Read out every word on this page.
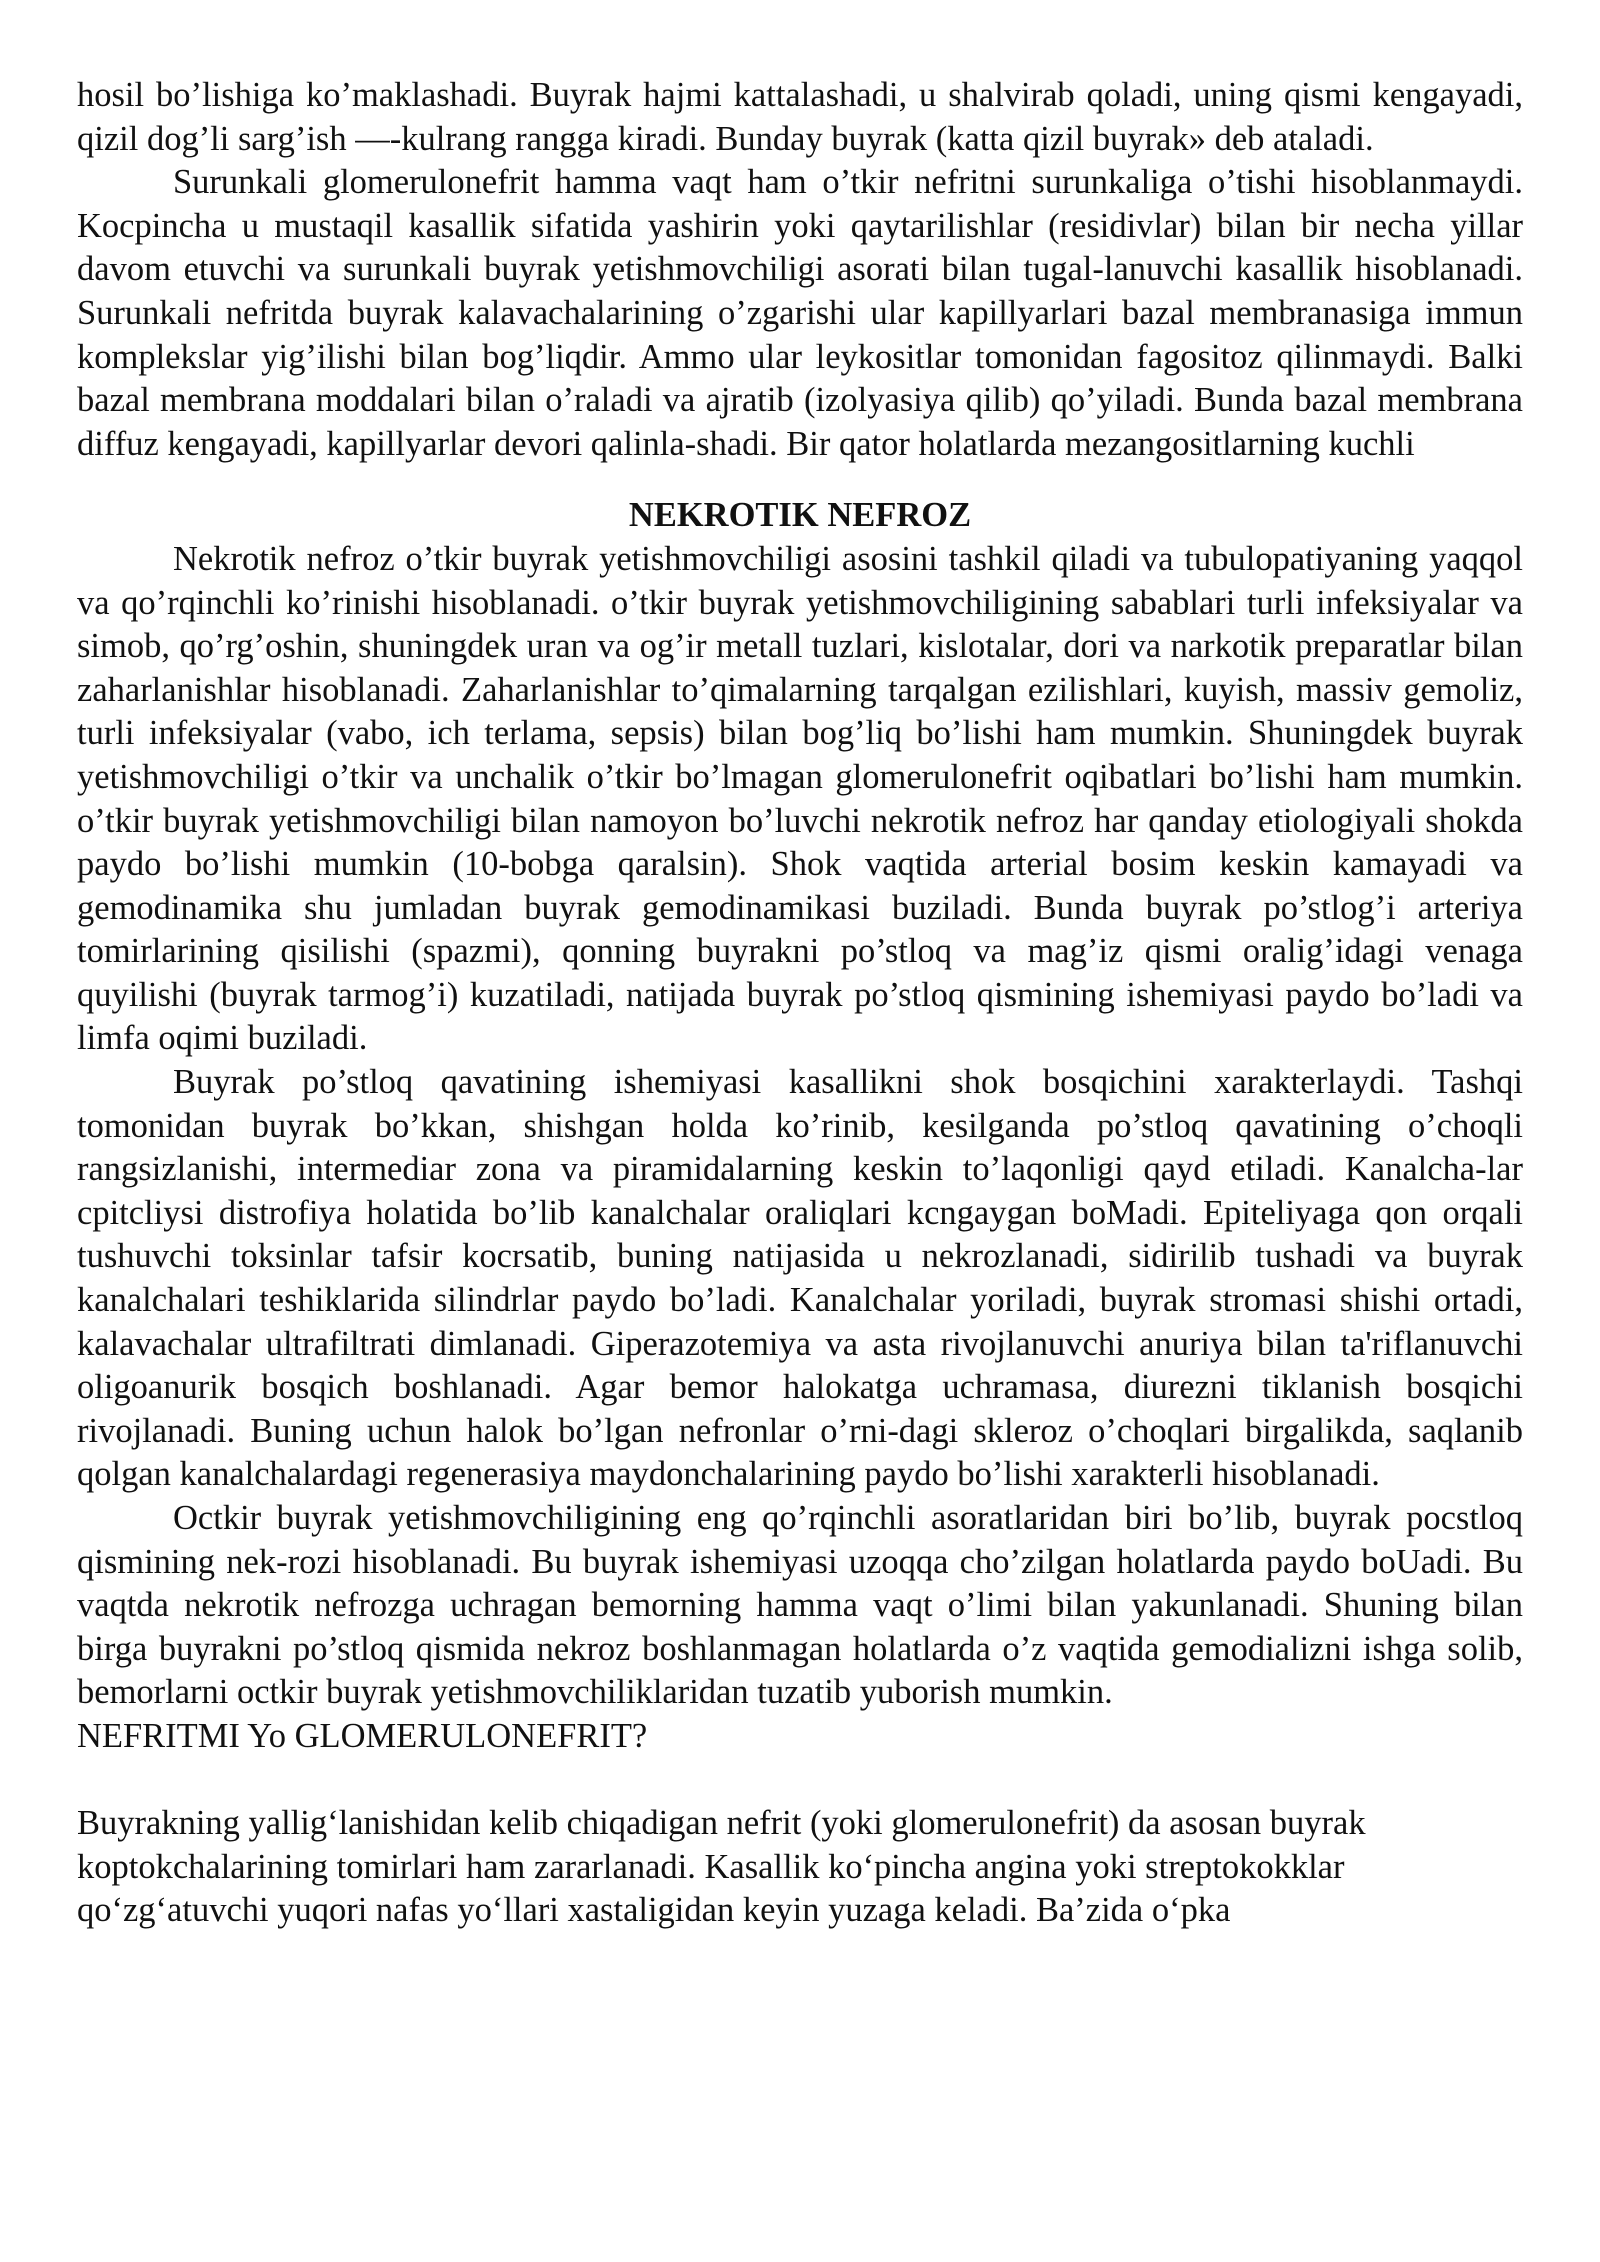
hosil bo’lishiga ko’maklashadi. Buyrak hajmi kattalashadi, u shalvirab qoladi, uning qismi kengayadi, qizil dog’li sarg’ish —-kulrang rangga kiradi. Bunday buyrak (katta qizil buyrak» deb ataladi.

Surunkali glomerulonefrit hamma vaqt ham o’tkir nefritni surunkaliga o’tishi hisoblanmaydi. Kocpincha u mustaqil kasallik sifatida yashirin yoki qaytarilishlar (residivlar) bilan bir necha yillar davom etuvchi va surunkali buyrak yetishmovchiligi asorati bilan tugal-lanuvchi kasallik hisoblanadi. Surunkali nefritda buyrak kalavachalarining o’zgarishi ular kapillyarlari bazal membranasiga immun komplekslar yig’ilishi bilan bog’liqdir. Ammo ular leykositlar tomonidan fagositoz qilinmaydi. Balki bazal membrana moddalari bilan o’raladi va ajratib (izolyasiya qilib) qo’yiladi. Bunda bazal membrana diffuz kengayadi, kapillyarlar devori qalinla-shadi. Bir qator holatlarda mezangositlarning kuchli

NEKROTIK NEFROZ

Nekrotik nefroz o’tkir buyrak yetishmovchiligi asosini tashkil qiladi va tubulopatiyaning yaqqol va qo’rqinchli ko’rinishi hisoblanadi. o’tkir buyrak yetishmovchiligining sabablari turli infeksiyalar va simob, qo’rg’oshin, shuningdek uran va og’ir metall tuzlari, kislotalar, dori va narkotik preparatlar bilan zaharlanishlar hisoblanadi. Zaharlanishlar to’qimalarning tarqalgan ezilishlari, kuyish, massiv gemoliz, turli infeksiyalar (vabo, ich terlama, sepsis) bilan bog’liq bo’lishi ham mumkin. Shuningdek buyrak yetishmovchiligi o’tkir va unchalik o’tkir bo’lmagan glomerulonefrit oqibatlari bo’lishi ham mumkin. o’tkir buyrak yetishmovchiligi bilan namoyon bo’luvchi nekrotik nefroz har qanday etiologiyali shokda paydo bo’lishi mumkin (10-bobga qaralsin). Shok vaqtida arterial bosim keskin kamayadi va gemodinamika shu jumladan buyrak gemodinamikasi buziladi. Bunda buyrak po’stlog’i arteriya tomirlarining qisilishi (spazmi), qonning buyrakni po’stloq va mag’iz qismi oralig’idagi venaga quyilishi (buyrak tarmog’i) kuzatiladi, natijada buyrak po’stloq qismining ishemiyasi paydo bo’ladi va limfa oqimi buziladi.

Buyrak po’stloq qavatining ishemiyasi kasallikni shok bosqichini xarakterlaydi. Tashqi tomonidan buyrak bo’kkan, shishgan holda ko’rinib, kesilganda po’stloq qavatining o’choqli rangsizlanishi, intermediar zona va piramidalarning keskin to’laqonligi qayd etiladi. Kanalcha-lar cpitcliysi distrofiya holatida bo’lib kanalchalar oraliqlari kcngaygan boMadi. Epiteliyaga qon orqali tushuvchi toksinlar tafsir kocrsatib, buning natijasida u nekrozlanadi, sidirilib tushadi va buyrak kanalchalari teshiklarida silindrlar paydo bo’ladi. Kanalchalar yoriladi, buyrak stromasi shishi ortadi, kalavachalar ultrafiltrati dimlanadi. Giperazotemiya va asta rivojlanuvchi anuriya bilan ta'riflanuvchi oligoanurik bosqich boshlanadi. Agar bemor halokatga uchramasa, diurezni tiklanish bosqichi rivojlanadi. Buning uchun halok bo’lgan nefronlar o’rni-dagi skleroz o’choqlari birgalikda, saqlanib qolgan kanalchalardagi regenerasiya maydonchalarining paydo bo’lishi xarakterli hisoblanadi.

Octkir buyrak yetishmovchiligining eng qo’rqinchli asoratlaridan biri bo’lib, buyrak pocstloq qismining nek-rozi hisoblanadi. Bu buyrak ishemiyasi uzoqqa cho’zilgan holatlarda paydo boUadi. Bu vaqtda nekrotik nefrozga uchragan bemorning hamma vaqt o’limi bilan yakunlanadi. Shuning bilan birga buyrakni po’stloq qismida nekroz boshlanmagan holatlarda o’z vaqtida gemodializni ishga solib, bemorlarni octkir buyrak yetishmovchiliklaridan tuzatib yuborish mumkin.

NEFRITMI Yo GLOMERULONEFRIT?

Buyrakning yallig‘lanishidan kelib chiqadigan nefrit (yoki glomerulonefrit) da asosan buyrak koptokchalarining tomirlari ham zararlanadi. Kasallik ko‘pincha angina yoki streptokokklar qo‘zg‘atuvchi yuqori nafas yo‘llari xastaligidan keyin yuzaga keladi. Ba’zida o‘pka
